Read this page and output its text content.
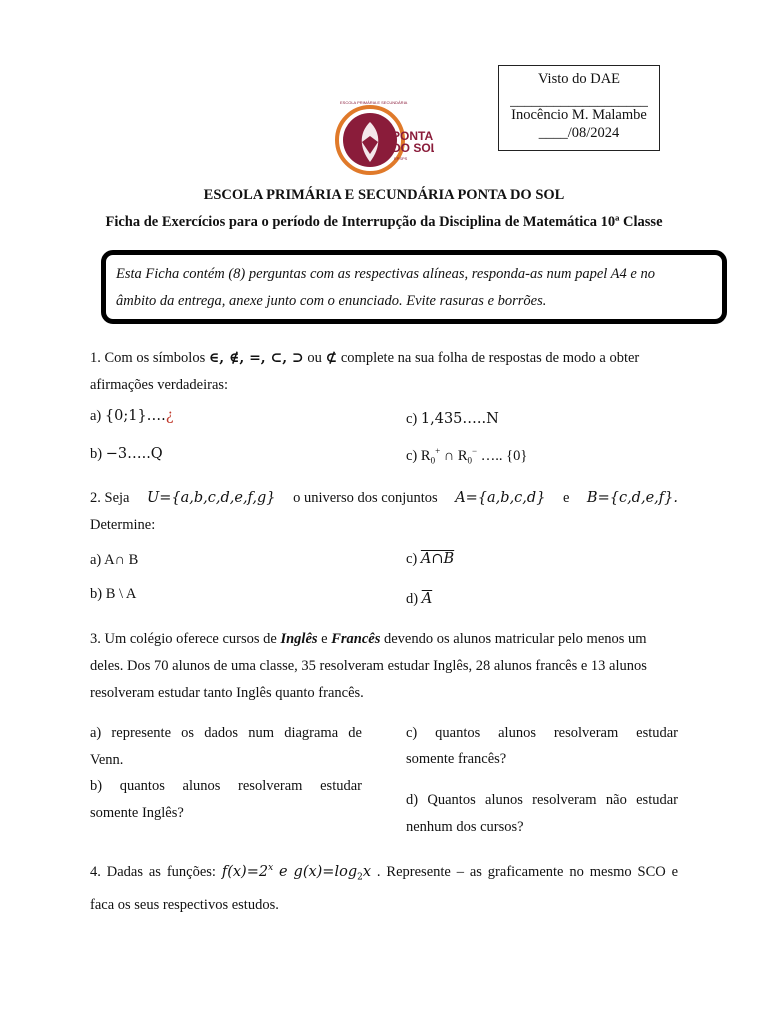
Visto do DAE
___________________
Inocêncio M. Malambe
____/08/2024
PONTA
DO SOL
EPSPS
ESCOLA PRIMÁRIA E SECUNDÁRIA
ESCOLA PRIMÁRIA E SECUNDÁRIA PONTA DO SOL
Ficha de Exercícios para o período de Interrupção da Disciplina de Matemática 10ª Classe
Esta Ficha contém (8) perguntas com as respectivas alíneas, responda-as num papel A4 e no
âmbito da entrega, anexe junto com o enunciado. Evite rasuras e borrões.
1. Com os símbolos ∈, ∉, =, ⊂, ⊃ ou ⊄ complete na sua folha de respostas de modo a obter
afirmações verdadeiras:
a) {0;1}….¿
b) −3…..Q
c) 1,435…..N
c) $R_0^+$ ∩ $R_0^-$ ….. {0}
2. Seja U={a,b,c,d,e,f,g} o universo dos conjuntos A={a,b,c,d} e B={c,d,e,f}.
Determine:
a) A∩ B
b) B \ A
c) A∩B
d) $\overline{A}$
3. Um colégio oferece cursos de Inglês e Francês devendo os alunos matricular pelo menos um
deles. Dos 70 alunos de uma classe, 35 resolveram estudar Inglês, 28 alunos francês e 13 alunos
resolveram estudar tanto Inglês quanto francês.
a) represente os dados num diagrama de
Venn.
b) quantos alunos resolveram estudar
somente Inglês?
c) quantos alunos resolveram estudar
somente francês?
d) Quantos alunos resolveram não estudar
nenhum dos cursos?
4. Dadas as funções: $f(x)=2^x$ e $g(x)=\log_2x$ . Represente – as graficamente no mesmo SCO e
faca os seus respectivos estudos.
